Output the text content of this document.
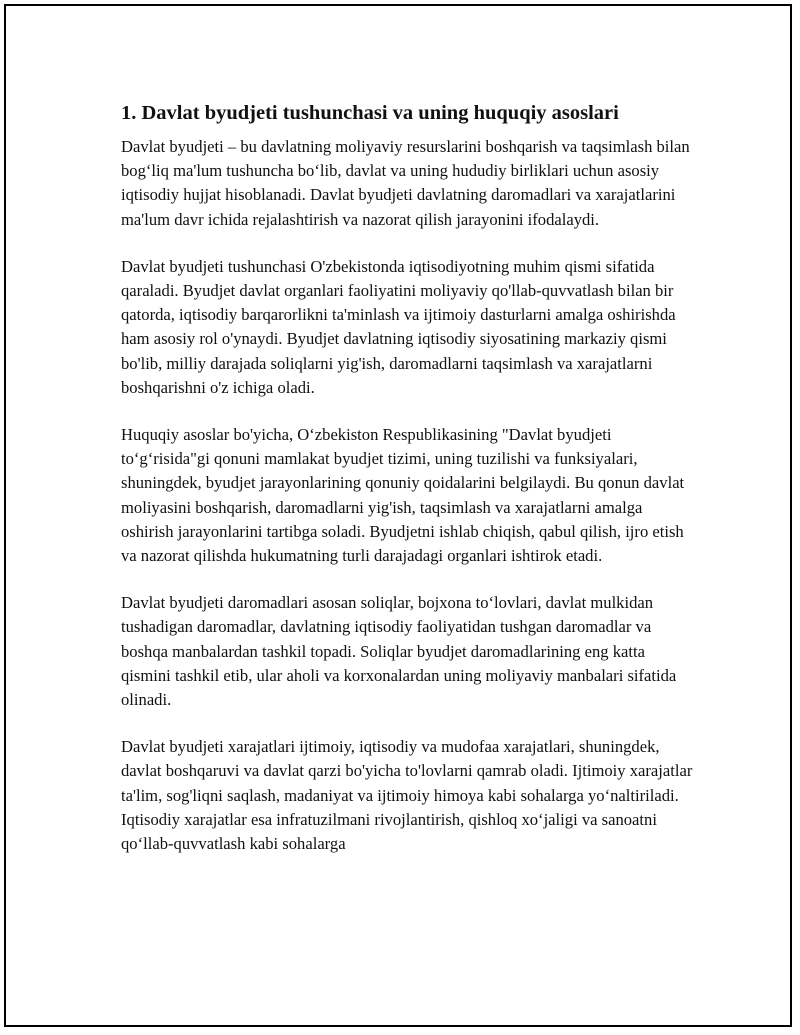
1. Davlat byudjeti tushunchasi va uning huquqiy asoslari

Davlat byudjeti – bu davlatning moliyaviy resurslarini boshqarish va taqsimlash bilan bog‘liq ma'lum tushuncha bo‘lib, davlat va uning hududiy birliklari uchun asosiy iqtisodiy hujjat hisoblanadi. Davlat byudjeti davlatning daromadlari va xarajatlarini ma'lum davr ichida rejalashtirish va nazorat qilish jarayonini ifodalaydi.

Davlat byudjeti tushunchasi O'zbekistonda iqtisodiyotning muhim qismi sifatida qaraladi. Byudjet davlat organlari faoliyatini moliyaviy qo'llab-quvvatlash bilan bir qatorda, iqtisodiy barqarorlikni ta'minlash va ijtimoiy dasturlarni amalga oshirishda ham asosiy rol o'ynaydi. Byudjet davlatning iqtisodiy siyosatining markaziy qismi bo'lib, milliy darajada soliqlarni yig'ish, daromadlarni taqsimlash va xarajatlarni boshqarishni o'z ichiga oladi.

Huquqiy asoslar bo'yicha, O‘zbekiston Respublikasining "Davlat byudjeti to‘g‘risida"gi qonuni mamlakat byudjet tizimi, uning tuzilishi va funksiyalari, shuningdek, byudjet jarayonlarining qonuniy qoidalarini belgilaydi. Bu qonun davlat moliyasini boshqarish, daromadlarni yig'ish, taqsimlash va xarajatlarni amalga oshirish jarayonlarini tartibga soladi. Byudjetni ishlab chiqish, qabul qilish, ijro etish va nazorat qilishda hukumatning turli darajadagi organlari ishtirok etadi.

Davlat byudjeti daromadlari asosan soliqlar, bojxona to‘lovlari, davlat mulkidan tushadigan daromadlar, davlatning iqtisodiy faoliyatidan tushgan daromadlar va boshqa manbalardan tashkil topadi. Soliqlar byudjet daromadlarining eng katta qismini tashkil etib, ular aholi va korxonalardan uning moliyaviy manbalari sifatida olinadi.

Davlat byudjeti xarajatlari ijtimoiy, iqtisodiy va mudofaa xarajatlari, shuningdek, davlat boshqaruvi va davlat qarzi bo'yicha to'lovlarni qamrab oladi. Ijtimoiy xarajatlar ta'lim, sog'liqni saqlash, madaniyat va ijtimoiy himoya kabi sohalarga yo‘naltiriladi. Iqtisodiy xarajatlar esa infratuzilmani rivojlantirish, qishloq xo‘jaligi va sanoatni qo‘llab-quvvatlash kabi sohalarga
